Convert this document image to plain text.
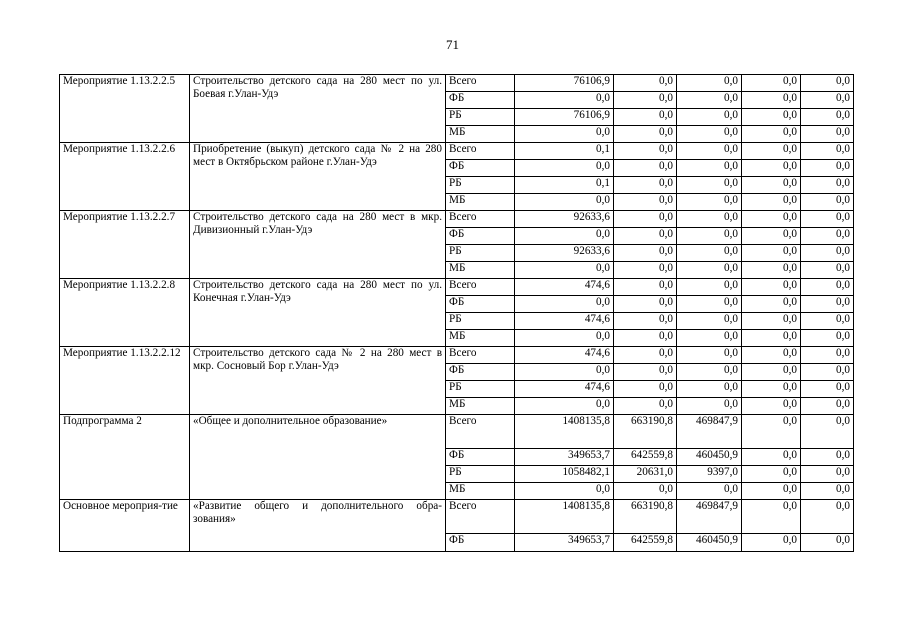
71
Мероприятие 1.13.2.2.5	Строительство детского сада на 280 мест по ул. Боевая г.Улан-Удэ	Всего	76106,9	0,0	0,0	0,0	0,0
		ФБ	0,0	0,0	0,0	0,0	0,0
		РБ	76106,9	0,0	0,0	0,0	0,0
		МБ	0,0	0,0	0,0	0,0	0,0
Мероприятие 1.13.2.2.6	Приобретение (выкуп) детского сада № 2 на 280 мест в Октябрьском районе г.Улан-Удэ	Всего	0,1	0,0	0,0	0,0	0,0
		ФБ	0,0	0,0	0,0	0,0	0,0
		РБ	0,1	0,0	0,0	0,0	0,0
		МБ	0,0	0,0	0,0	0,0	0,0
Мероприятие 1.13.2.2.7	Строительство детского сада на 280 мест в мкр. Дивизионный г.Улан-Удэ	Всего	92633,6	0,0	0,0	0,0	0,0
		ФБ	0,0	0,0	0,0	0,0	0,0
		РБ	92633,6	0,0	0,0	0,0	0,0
		МБ	0,0	0,0	0,0	0,0	0,0
Мероприятие 1.13.2.2.8	Строительство детского сада на 280 мест по ул. Конечная г.Улан-Удэ	Всего	474,6	0,0	0,0	0,0	0,0
		ФБ	0,0	0,0	0,0	0,0	0,0
		РБ	474,6	0,0	0,0	0,0	0,0
		МБ	0,0	0,0	0,0	0,0	0,0
Мероприятие 1.13.2.2.12	Строительство детского сада № 2 на 280 мест в мкр. Сосновый Бор г.Улан-Удэ	Всего	474,6	0,0	0,0	0,0	0,0
		ФБ	0,0	0,0	0,0	0,0	0,0
		РБ	474,6	0,0	0,0	0,0	0,0
		МБ	0,0	0,0	0,0	0,0	0,0
Подпрограмма 2	«Общее и дополнительное образование»	Всего	1408135,8	663190,8	469847,9	0,0	0,0
		ФБ	349653,7	642559,8	460450,9	0,0	0,0
		РБ	1058482,1	20631,0	9397,0	0,0	0,0
		МБ	0,0	0,0	0,0	0,0	0,0
Основное мероприя-тие	«Развитие общего и дополнительного обра-зования»	Всего	1408135,8	663190,8	469847,9	0,0	0,0
		ФБ	349653,7	642559,8	460450,9	0,0	0,0
